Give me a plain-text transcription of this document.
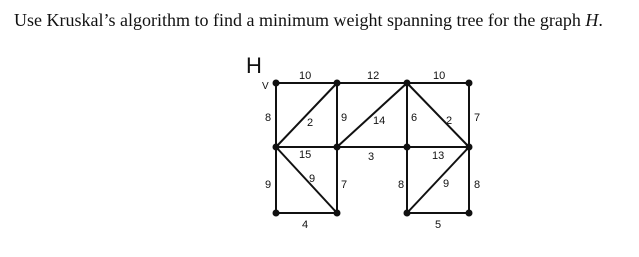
Use Kruskal’s algorithm to find a minimum weight spanning tree for the graph H.
H
V
10	12	10
8	2	9 14 6	2 7
15	3	13
9	9 7	8	9 8
4	5
